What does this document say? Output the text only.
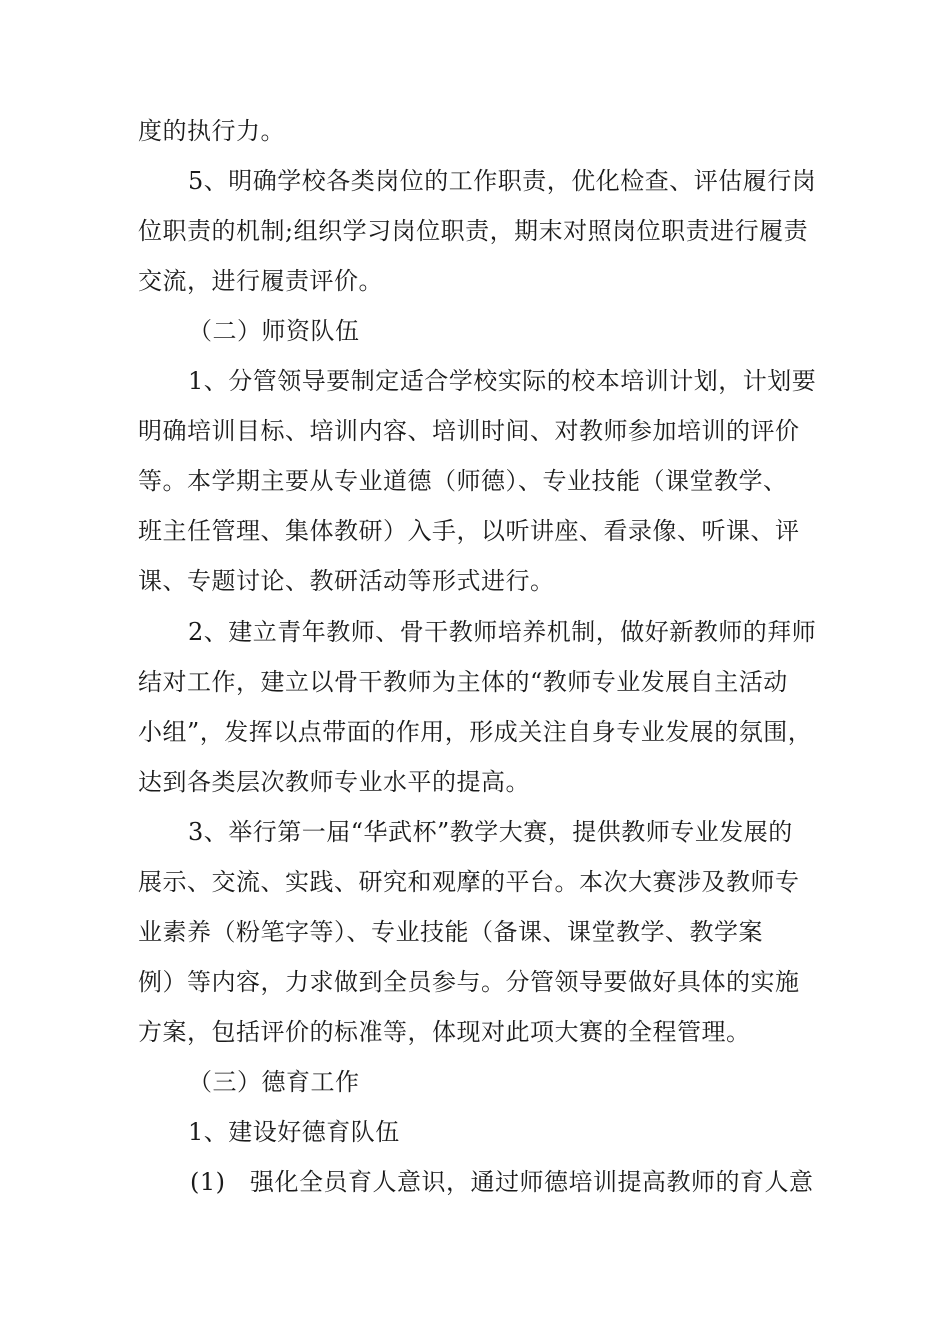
度的执行力。
5、明确学校各类岗位的工作职责，优化检查、评估履行岗
位职责的机制;组织学习岗位职责，期末对照岗位职责进行履责
交流，进行履责评价。
（二）师资队伍
1、分管领导要制定适合学校实际的校本培训计划，计划要
明确培训目标、培训内容、培训时间、对教师参加培训的评价
等。本学期主要从专业道德（师德）、专业技能（课堂教学、
班主任管理、集体教研）入手，以听讲座、看录像、听课、评
课、专题讨论、教研活动等形式进行。
2、建立青年教师、骨干教师培养机制，做好新教师的拜师
结对工作，建立以骨干教师为主体的“教师专业发展自主活动
小组”，发挥以点带面的作用，形成关注自身专业发展的氛围，
达到各类层次教师专业水平的提高。
3、举行第一届“华武杯”教学大赛，提供教师专业发展的
展示、交流、实践、研究和观摩的平台。本次大赛涉及教师专
业素养（粉笔字等）、专业技能（备课、课堂教学、教学案
例）等内容，力求做到全员参与。分管领导要做好具体的实施
方案，包括评价的标准等，体现对此项大赛的全程管理。
（三）德育工作
1、建设好德育队伍
(1)　强化全员育人意识，通过师德培训提高教师的育人意
